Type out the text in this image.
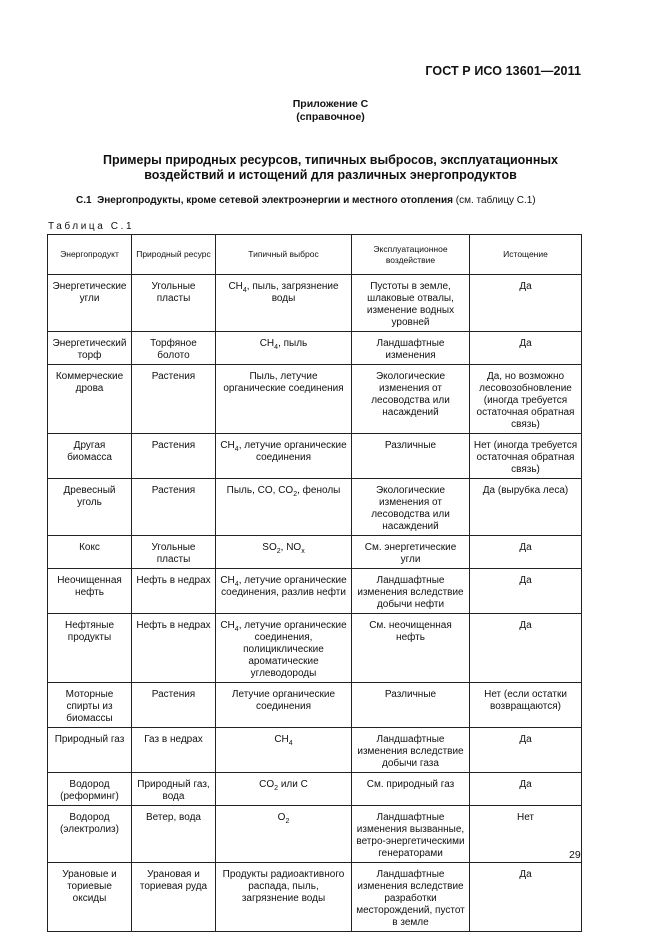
ГОСТ Р ИСО 13601—2011
Приложение С
(справочное)
Примеры природных ресурсов, типичных выбросов, эксплуатационных
воздействий и истощений для различных энергопродуктов
С.1 Энергопродукты, кроме сетевой электроэнергии и местного отопления (см. таблицу С.1)
Таблица С.1
Энергопродукт	Природный ресурс	Типичный выброс	Эксплуатационное воздействие	Истощение
Энергетические угли	Угольные пласты	$CH_4$, пыль, загрязнение воды	Пустоты в земле, шлаковые отвалы, изменение водных уровней	Да
Энергетический торф	Торфяное болото	$CH_4$, пыль	Ландшафтные изменения	Да
Коммерческие дрова	Растения	Пыль, летучие органические соединения	Экологические изменения от лесоводства или насаждений	Да, но возможно лесовозобновление (иногда требуется остаточная обратная связь)
Другая биомасса	Растения	$CH_4$, летучие органические соединения	Различные	Нет (иногда требуется остаточная обратная связь)
Древесный уголь	Растения	Пыль, CO, $CO_2$, фенолы	Экологические изменения от лесоводства или насаждений	Да (вырубка леса)
Кокс	Угольные пласты	$SO_2$, $NO_x$	См. энергетические угли	Да
Неочищенная нефть	Нефть в недрах	$CH_4$, летучие органические соединения, разлив нефти	Ландшафтные изменения вследствие добычи нефти	Да
Нефтяные продукты	Нефть в недрах	$CH_4$, летучие органические соединения, полициклические ароматические углеводороды	См. неочищенная нефть	Да
Моторные спирты из биомассы	Растения	Летучие органические соединения	Различные	Нет (если остатки возвращаются)
Природный газ	Газ в недрах	$CH_4$	Ландшафтные изменения вследствие добычи газа	Да
Водород (реформинг)	Природный газ, вода	$CO_2$ или C	См. природный газ	Да
Водород (электролиз)	Ветер, вода	$O_2$	Ландшафтные изменения вызванные, ветро-энергетическими генераторами	Нет
Урановые и ториевые оксиды	Урановая и ториевая руда	Продукты радиоактивного распада, пыль, загрязнение воды	Ландшафтные изменения вследствие разработки месторождений, пустот в земле	Да
29
